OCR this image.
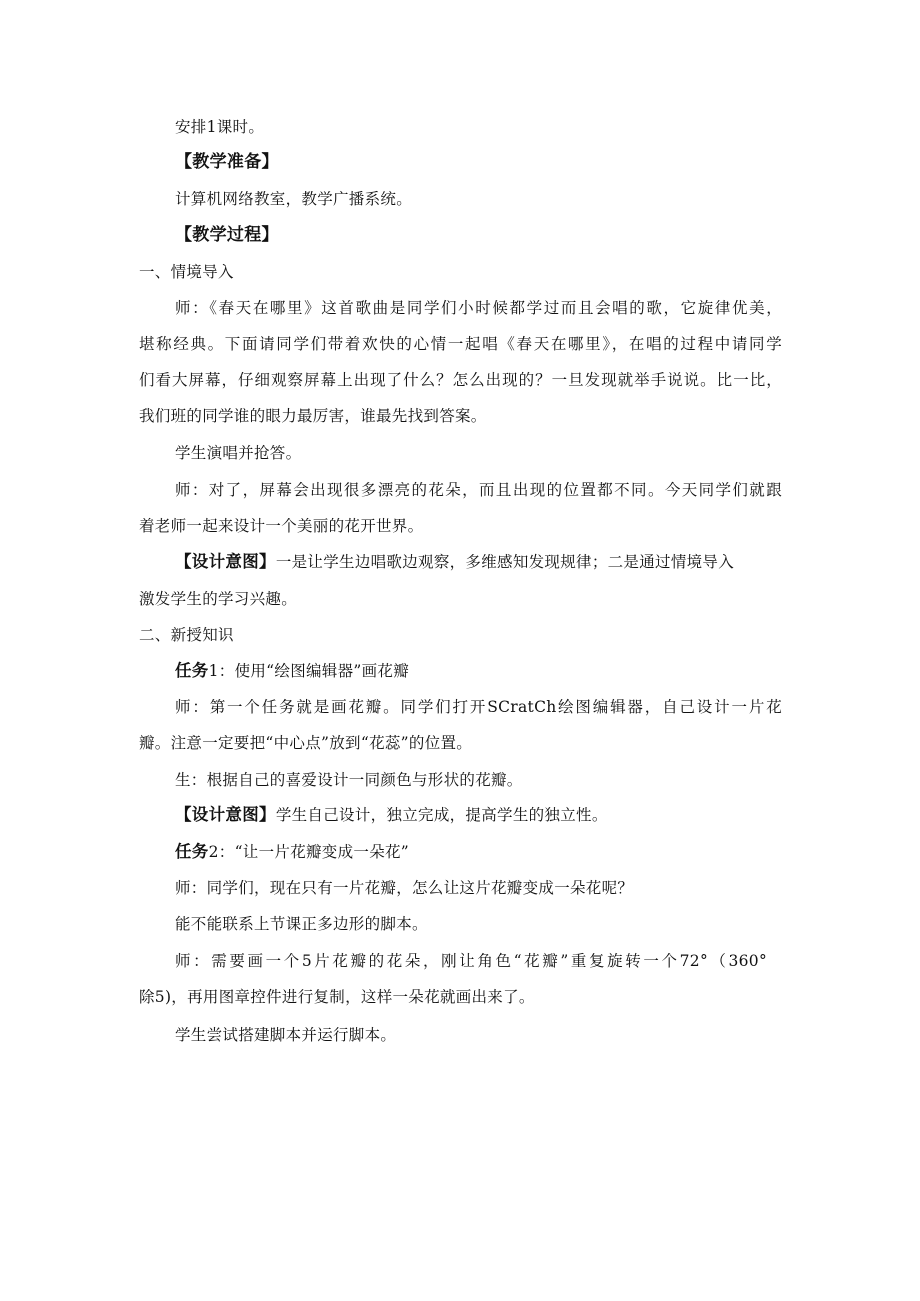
安排1课时。
【教学准备】
计算机网络教室，教学广播系统。
【教学过程】
一、情境导入
师：《春天在哪里》这首歌曲是同学们小时候都学过而且会唱的歌，它旋律优美，
堪称经典。下面请同学们带着欢快的心情一起唱《春天在哪里》，在唱的过程中请同学
们看大屏幕，仔细观察屏幕上出现了什么？怎么出现的？一旦发现就举手说说。比一比，
我们班的同学谁的眼力最厉害，谁最先找到答案。
学生演唱并抢答。
师：对了，屏幕会出现很多漂亮的花朵，而且出现的位置都不同。今天同学们就跟
着老师一起来设计一个美丽的花开世界。
【设计意图】一是让学生边唱歌边观察，多维感知发现规律；二是通过情境导入
激发学生的学习兴趣。
二、新授知识
任务1：使用“绘图编辑器”画花瓣
师：第一个任务就是画花瓣。同学们打开SCratCh绘图编辑器，自己设计一片花
瓣。注意一定要把“中心点”放到“花蕊”的位置。
生：根据自己的喜爱设计一同颜色与形状的花瓣。
【设计意图】学生自己设计，独立完成，提高学生的独立性。
任务2：“让一片花瓣变成一朵花”
师：同学们，现在只有一片花瓣，怎么让这片花瓣变成一朵花呢？
能不能联系上节课正多边形的脚本。
师：需要画一个5片花瓣的花朵，刚让角色“花瓣”重复旋转一个72°（360°
除5)，再用图章控件进行复制，这样一朵花就画出来了。
学生尝试搭建脚本并运行脚本。
